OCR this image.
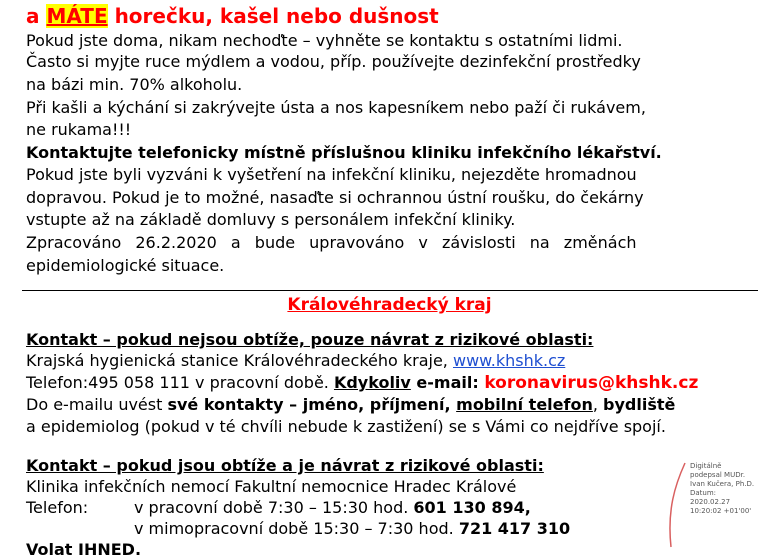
a MÁTE horečku, kašel nebo dušnost
Pokud jste doma, nikam nechoďte – vyhněte se kontaktu s ostatními lidmi.
Často si myjte ruce mýdlem a vodou, příp. používejte dezinfekční prostředky
na bázi min. 70% alkoholu.
Při kašli a kýchání si zakrývejte ústa a nos kapesníkem nebo paží či rukávem,
ne rukama!!!
Kontaktujte telefonicky místně příslušnou kliniku infekčního lékařství.
Pokud jste byli vyzváni k vyšetření na infekční kliniku, nejezděte hromadnou
dopravou. Pokud je to možné, nasaďte si ochrannou ústní roušku, do čekárny
vstupte až na základě domluvy s personálem infekční kliniky.
Zpracováno 26.2.2020 a bude upravováno v závislosti na změnách
epidemiologické situace.
Královéhradecký kraj
Kontakt – pokud nejsou obtíže, pouze návrat z rizikové oblasti:
Krajská hygienická stanice Královéhradeckého kraje, www.khshk.cz
Telefon:495 058 111 v pracovní době. Kdykoliv e-mail: koronavirus@khshk.cz
Do e-mailu uvést své kontakty – jméno, příjmení, mobilní telefon, bydliště
a epidemiolog (pokud v té chvíli nebude k zastižení) se s Vámi co nejdříve spojí.
Kontakt – pokud jsou obtíže a je návrat z rizikové oblasti:
Klinika infekčních nemocí Fakultní nemocnice Hradec Králové
Telefon:	v pracovní době 7:30 – 15:30 hod. 601 130 894,
v mimopracovní době 15:30 – 7:30 hod. 721 417 310
Volat IHNED.
Digitálně
podepsal MUDr.
Ivan Kučera, Ph.D.
Datum:
2020.02.27
10:20:02 +01'00'
